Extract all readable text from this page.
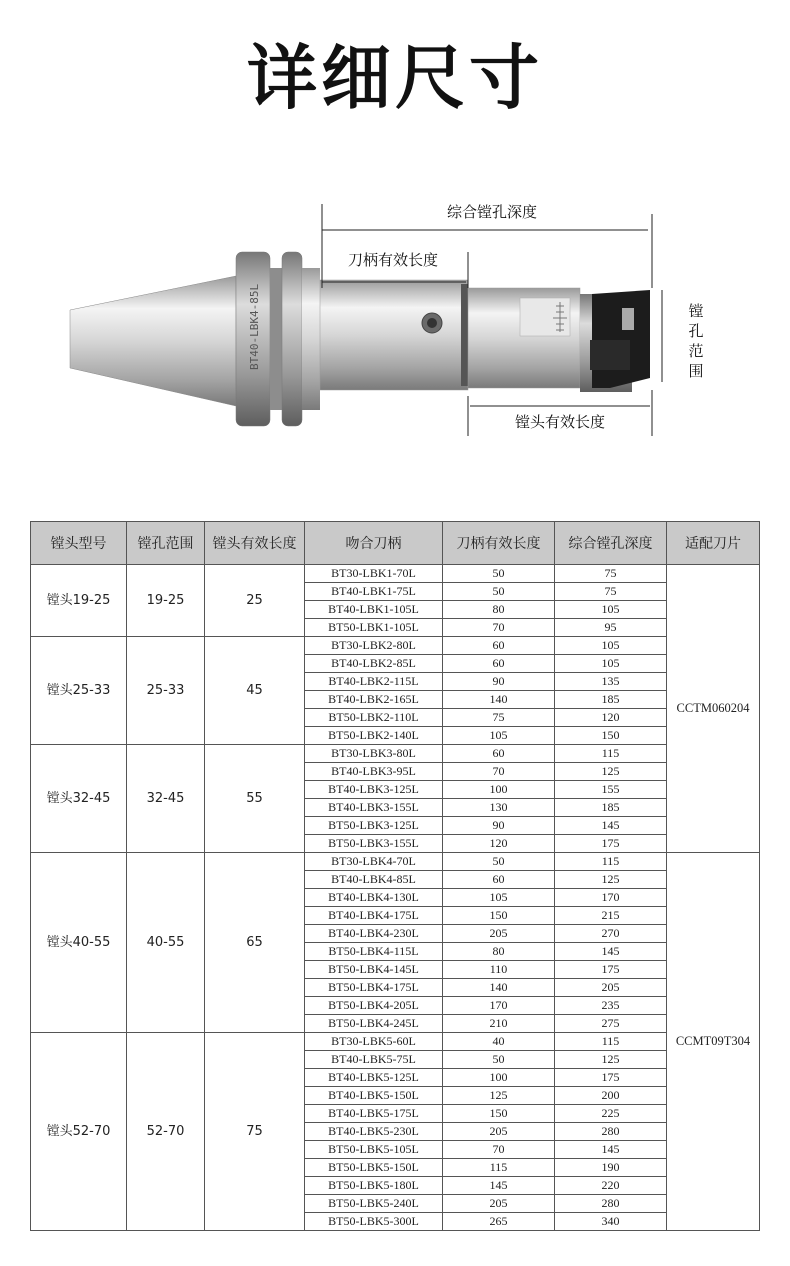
详细尺寸
BT40-LBK4-85L
综合镗孔深度
刀柄有效长度
镗
孔
范
围
镗头有效长度
镗头型号	镗孔范围	镗头有效长度	吻合刀柄	刀柄有效长度	综合镗孔深度	适配刀片
镗头19-25	19-25	25	BT30-LBK1-70L	50	75	CCTM060204
			BT40-LBK1-75L	50	75	
			BT40-LBK1-105L	80	105	
			BT50-LBK1-105L	70	95	
镗头25-33	25-33	45	BT30-LBK2-80L	60	105	
			BT40-LBK2-85L	60	105	
			BT40-LBK2-115L	90	135	
			BT40-LBK2-165L	140	185	
			BT50-LBK2-110L	75	120	
			BT50-LBK2-140L	105	150	
镗头32-45	32-45	55	BT30-LBK3-80L	60	115	
			BT40-LBK3-95L	70	125	
			BT40-LBK3-125L	100	155	
			BT40-LBK3-155L	130	185	
			BT50-LBK3-125L	90	145	
			BT50-LBK3-155L	120	175	
镗头40-55	40-55	65	BT30-LBK4-70L	50	115	CCMT09T304
			BT40-LBK4-85L	60	125	
			BT40-LBK4-130L	105	170	
			BT40-LBK4-175L	150	215	
			BT40-LBK4-230L	205	270	
			BT50-LBK4-115L	80	145	
			BT50-LBK4-145L	110	175	
			BT50-LBK4-175L	140	205	
			BT50-LBK4-205L	170	235	
			BT50-LBK4-245L	210	275	
镗头52-70	52-70	75	BT30-LBK5-60L	40	115	
			BT40-LBK5-75L	50	125	
			BT40-LBK5-125L	100	175	
			BT40-LBK5-150L	125	200	
			BT40-LBK5-175L	150	225	
			BT40-LBK5-230L	205	280	
			BT50-LBK5-105L	70	145	
			BT50-LBK5-150L	115	190	
			BT50-LBK5-180L	145	220	
			BT50-LBK5-240L	205	280	
			BT50-LBK5-300L	265	340	
